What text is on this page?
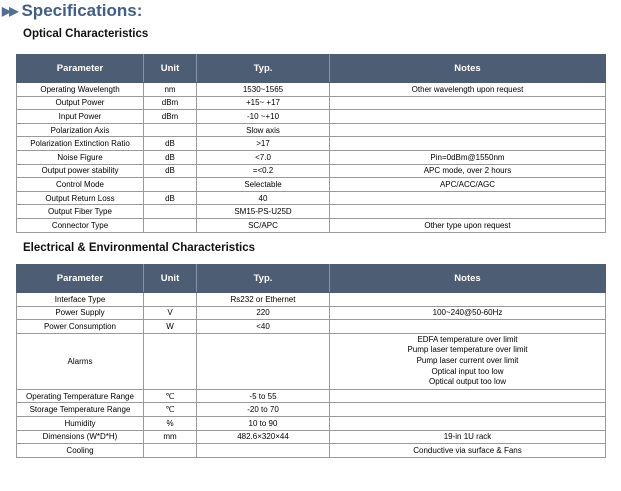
▶▶ Specifications:
Optical Characteristics
Parameter	Unit	Typ.	Notes
Operating Wavelength	nm	1530~1565	Other wavelength upon request
Output Power	dBm	+15~ +17	
Input Power	dBm	-10 ~+10	
Polarization Axis		Slow axis	
Polarization Extinction Ratio	dB	>17	
Noise Figure	dB	<7.0	Pin=0dBm@1550nm
Output power stability	dB	=<0.2	APC mode, over 2 hours
Control Mode		Selectable	APC/ACC/AGC
Output Return Loss	dB	40	
Output Fiber Type		SM15-PS-U25D	
Connector Type		SC/APC	Other type upon request
Electrical & Environmental Characteristics
Parameter	Unit	Typ.	Notes
Interface Type		Rs232 or Ethernet	
Power Supply	V	220	100~240@50-60Hz
Power Consumption	W	<40	
Alarms			EDFA temperature over limit
Pump laser temperature over limit
Pump laser current over limit
Optical input too low
Optical output too low

Operating Temperature Range	℃	-5 to 55	
Storage Temperature Range	℃	-20 to 70	
Humidity	%	10 to 90	
Dimensions (W*D*H)	mm	482.6×320×44	19-in 1U rack
Cooling			Conductive via surface & Fans
